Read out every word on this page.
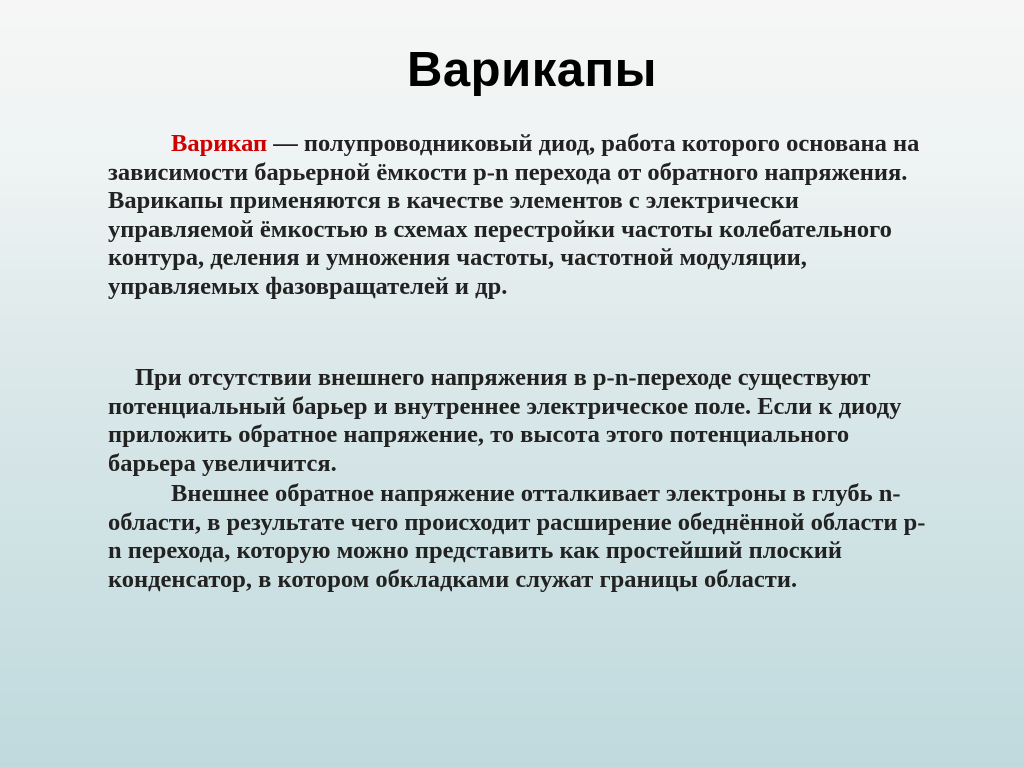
Варикапы

Варикап — полупроводниковый диод, работа которого основана на зависимости барьерной ёмкости p-n перехода от обратного напряжения. Варикапы применяются в качестве элементов с электрически управляемой ёмкостью в схемах перестройки частоты колебательного контура, деления и умножения частоты, частотной модуляции, управляемых фазовращателей и др.

При отсутствии внешнего напряжения в p-n-переходе существуют потенциальный барьер и внутреннее электрическое поле. Если к диоду приложить обратное напряжение, то высота этого потенциального барьера увеличится.

Внешнее обратное напряжение отталкивает электроны в глубь n-области, в результате чего происходит расширение обеднённой области p-n перехода, которую можно представить как простейший плоский конденсатор, в котором обкладками служат границы области.
